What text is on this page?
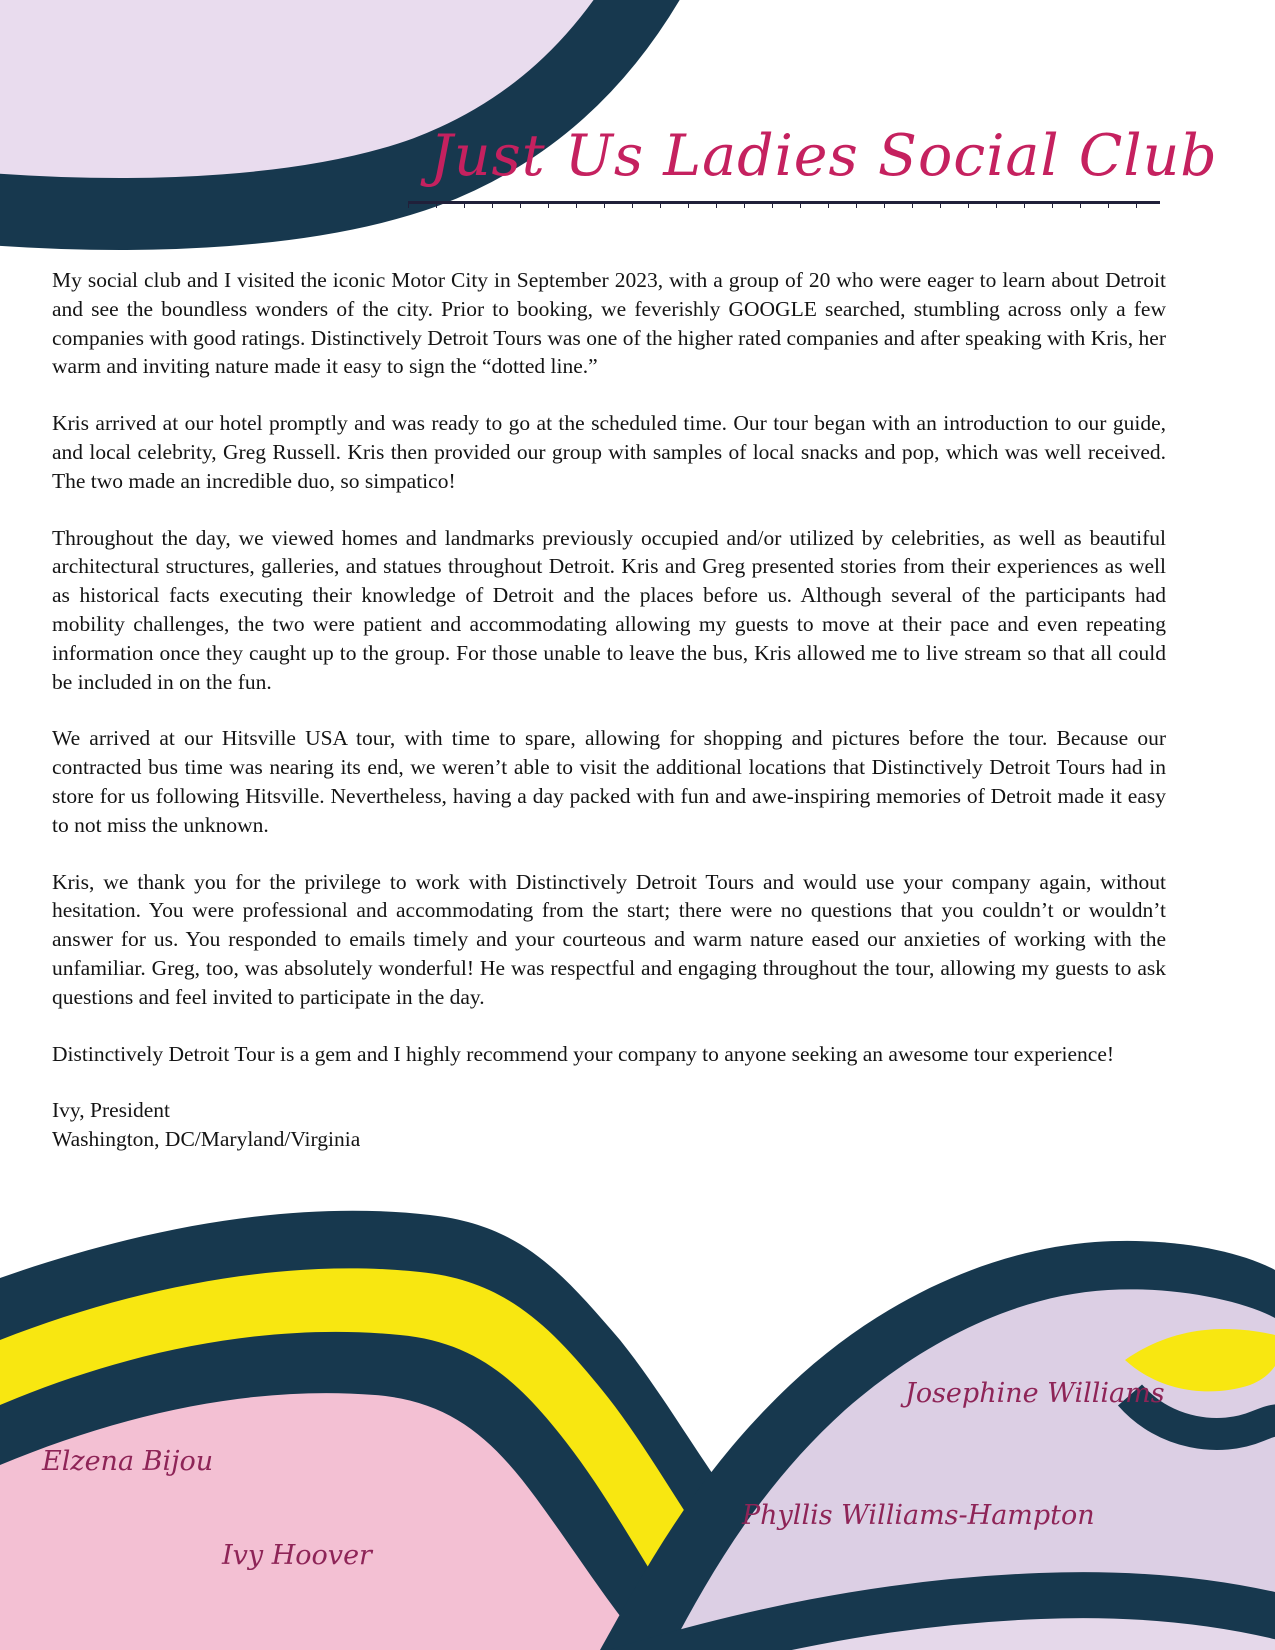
Just Us Ladies Social Club

My social club and I visited the iconic Motor City in September 2023, with a group of 20 who were eager to learn about Detroit and see the boundless wonders of the city. Prior to booking, we feverishly GOOGLE searched, stumbling across only a few companies with good ratings. Distinctively Detroit Tours was one of the higher rated companies and after speaking with Kris, her warm and inviting nature made it easy to sign the “dotted line.”

Kris arrived at our hotel promptly and was ready to go at the scheduled time. Our tour began with an introduction to our guide, and local celebrity, Greg Russell. Kris then provided our group with samples of local snacks and pop, which was well received. The two made an incredible duo, so simpatico!

Throughout the day, we viewed homes and landmarks previously occupied and/or utilized by celebrities, as well as beautiful architectural structures, galleries, and statues throughout Detroit. Kris and Greg presented stories from their experiences as well as historical facts executing their knowledge of Detroit and the places before us. Although several of the participants had mobility challenges, the two were patient and accommodating allowing my guests to move at their pace and even repeating information once they caught up to the group. For those unable to leave the bus, Kris allowed me to live stream so that all could be included in on the fun.

We arrived at our Hitsville USA tour, with time to spare, allowing for shopping and pictures before the tour. Because our contracted bus time was nearing its end, we weren’t able to visit the additional locations that Distinctively Detroit Tours had in store for us following Hitsville. Nevertheless, having a day packed with fun and awe-inspiring memories of Detroit made it easy to not miss the unknown.

Kris, we thank you for the privilege to work with Distinctively Detroit Tours and would use your company again, without hesitation. You were professional and accommodating from the start; there were no questions that you couldn’t or wouldn’t answer for us. You responded to emails timely and your courteous and warm nature eased our anxieties of working with the unfamiliar. Greg, too, was absolutely wonderful! He was respectful and engaging throughout the tour, allowing my guests to ask questions and feel invited to participate in the day.

Distinctively Detroit Tour is a gem and I highly recommend your company to anyone seeking an awesome tour experience!

Ivy, President
Washington, DC/Maryland/Virginia
Elzena Bijou
Ivy Hoover
Josephine Williams
Phyllis Williams-Hampton
